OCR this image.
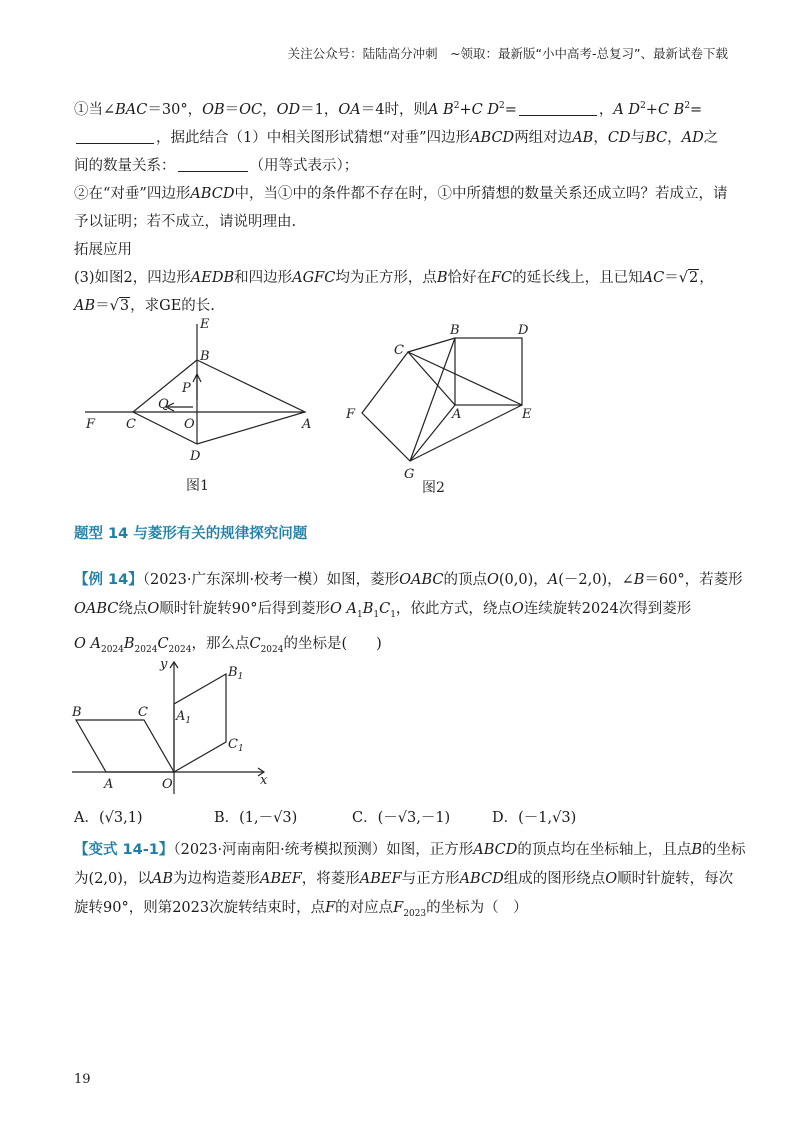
关注公众号：陆陆高分冲刺　~领取：最新版“小中高考-总复习”、最新试卷下载
①当∠BAC＝30°，OB＝OC，OD＝1，OA＝4时，则A $B^2+C$ $D^2=$	，A $D^2+C$ $B^2=$
，据此结合（1）中相关图形试猜想“对垂”四边形ABCD两组对边AB，CD与BC，AD之
间的数量关系：	（用等式表示）；
②在“对垂”四边形ABCD中，当①中的条件都不存在时，①中所猜想的数量关系还成立吗？若成立，请
予以证明；若不成立，请说明理由.
拓展应用
(3)如图2，四边形AEDB和四边形AGFC均为正方形，点B恰好在FC的延长线上，且已知AC＝√2，
AB＝√3，求GE的长.
E
B
P
Q
F C	O	A
D
图1
B	D
C
F	A	E
G
图2
题型 14 与菱形有关的规律探究问题
【例 14】（2023·广东深圳·校考一模）如图，菱形OABC的顶点O(0,0)，A(－2,0)，∠B＝60°，若菱形
OABC绕点O顺时针旋转90°后得到菱形O $A_1B_1C_1$，依此方式，绕点O连续旋转2024次得到菱形
O $A_{2024}B_{2024}C_{2024}$，那么点$C_{2024}$的坐标是(　　)
y
$B_1$
B	C $A_1$
$C_1$
A	O	x
A．(√3,1)	B．(1,－√3)	C．(－√3,－1)	D．(－1,√3)
【变式 14-1】（2023·河南南阳·统考模拟预测）如图，正方形ABCD的顶点均在坐标轴上，且点B的坐标
为(2,0)，以AB为边构造菱形ABEF，将菱形ABEF与正方形ABCD组成的图形绕点O顺时针旋转，每次
旋转90°，则第2023次旋转结束时，点F的对应点$F_{2023}$的坐标为（　）
19
